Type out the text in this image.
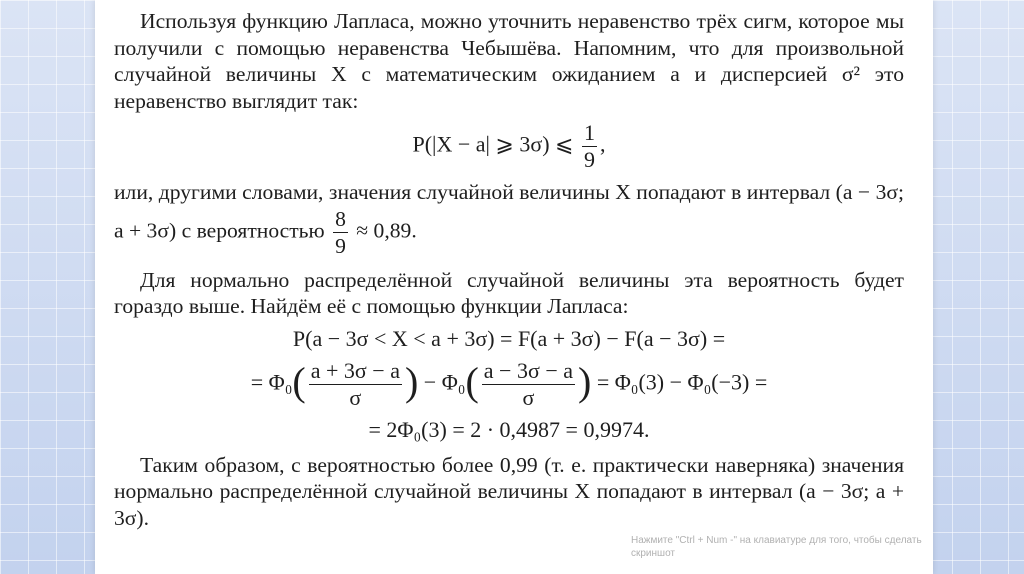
Используя функцию Лапласа, можно уточнить неравенство трёх сигм, которое мы получили с помощью неравенства Чебышёва. Напомним, что для произвольной случайной величины X с математическим ожиданием a и дисперсией σ² это неравенство выглядит так:

P(|X − a| ⩾ 3σ) ⩽ $\frac{1}{9}$ ,

или, другими словами, значения случайной величины X попадают в интервал (a − 3σ; a + 3σ) с вероятностью $\frac{8}{9} \approx 0,89$.

Для нормально распределённой случайной величины эта вероятность будет гораздо выше. Найдём её с помощью функции Лапласа:

P(a − 3σ < X < a + 3σ) = F(a + 3σ) − F(a − 3σ) =
= $\Phi_0( \frac{a + 3\sigma - a}{\sigma}$ ) − $\Phi_0( \frac{a - 3\sigma - a}{\sigma}$ ) = Φ₀(3) − Φ₀(−3) =
= 2Φ₀(3) = 2 · 0,4987 = 0,9974.

Таким образом, с вероятностью более 0,99 (т. е. практически наверняка) значения нормально распределённой случайной величины X попадают в интервал (a − 3σ; a + 3σ).

Нажмите "Ctrl + Num -" на клавиатуре для того, чтобы сделать скриншот
